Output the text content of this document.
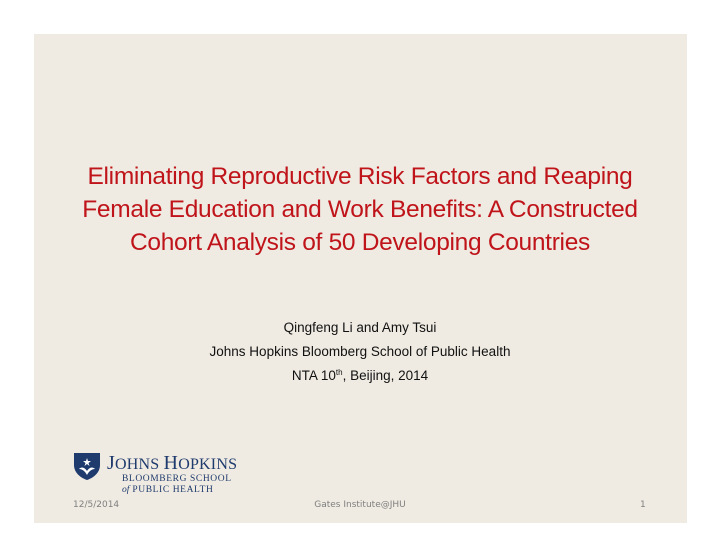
Eliminating Reproductive Risk Factors and Reaping
Female Education and Work Benefits: A Constructed
Cohort Analysis of 50 Developing Countries
Qingfeng Li and Amy Tsui
Johns Hopkins Bloomberg School of Public Health
NTA 10th, Beijing, 2014
JOHNS HOPKINS
BLOOMBERG SCHOOL
of PUBLIC HEALTH
12/5/2014	Gates Institute@JHU	1
